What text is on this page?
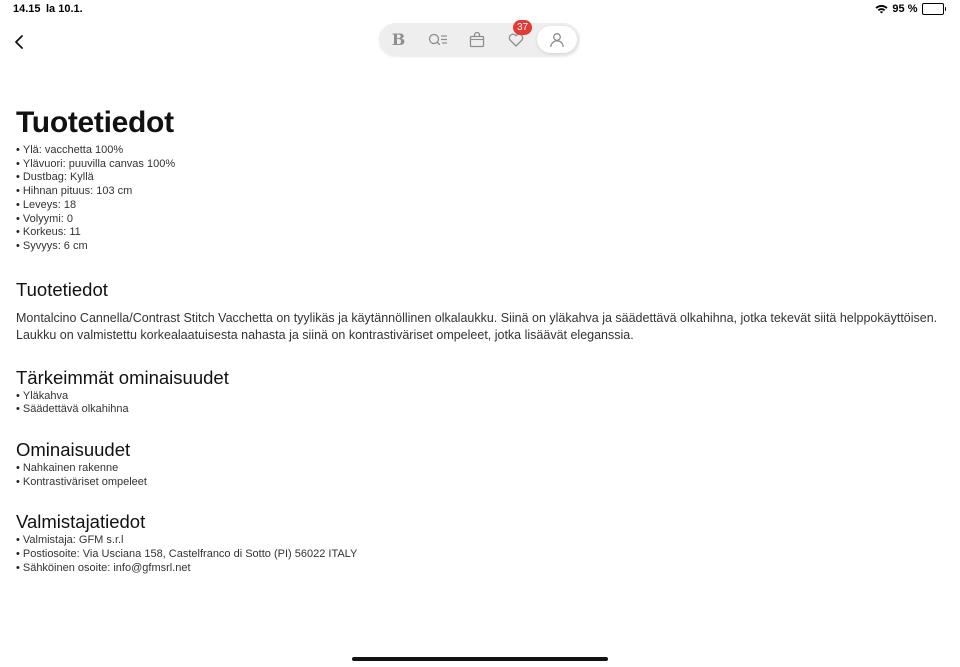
14.15 la 10.1.	95 %
B
37
Tuotetiedot
• Ylä: vacchetta 100%
• Ylävuori: puuvilla canvas 100%
• Dustbag: Kyllä
• Hihnan pituus: 103 cm
• Leveys: 18
• Volyymi: 0
• Korkeus: 11
• Syvyys: 6 cm
Tuotetiedot

Montalcino Cannella/Contrast Stitch Vacchetta on tyylikäs ja käytännöllinen olkalaukku. Siinä on yläkahva ja säädettävä olkahihna, jotka tekevät siitä helppokäyttöisen.
Laukku on valmistettu korkealaatuisesta nahasta ja siinä on kontrastiväriset ompeleet, jotka lisäävät eleganssia.

Tärkeimmät ominaisuudet
• Yläkahva
• Säädettävä olkahihna
Ominaisuudet
• Nahkainen rakenne
• Kontrastiväriset ompeleet
Valmistajatiedot
• Valmistaja: GFM s.r.l
• Postiosoite: Via Usciana 158, Castelfranco di Sotto (PI) 56022 ITALY
• Sähköinen osoite: info@gfmsrl.net
